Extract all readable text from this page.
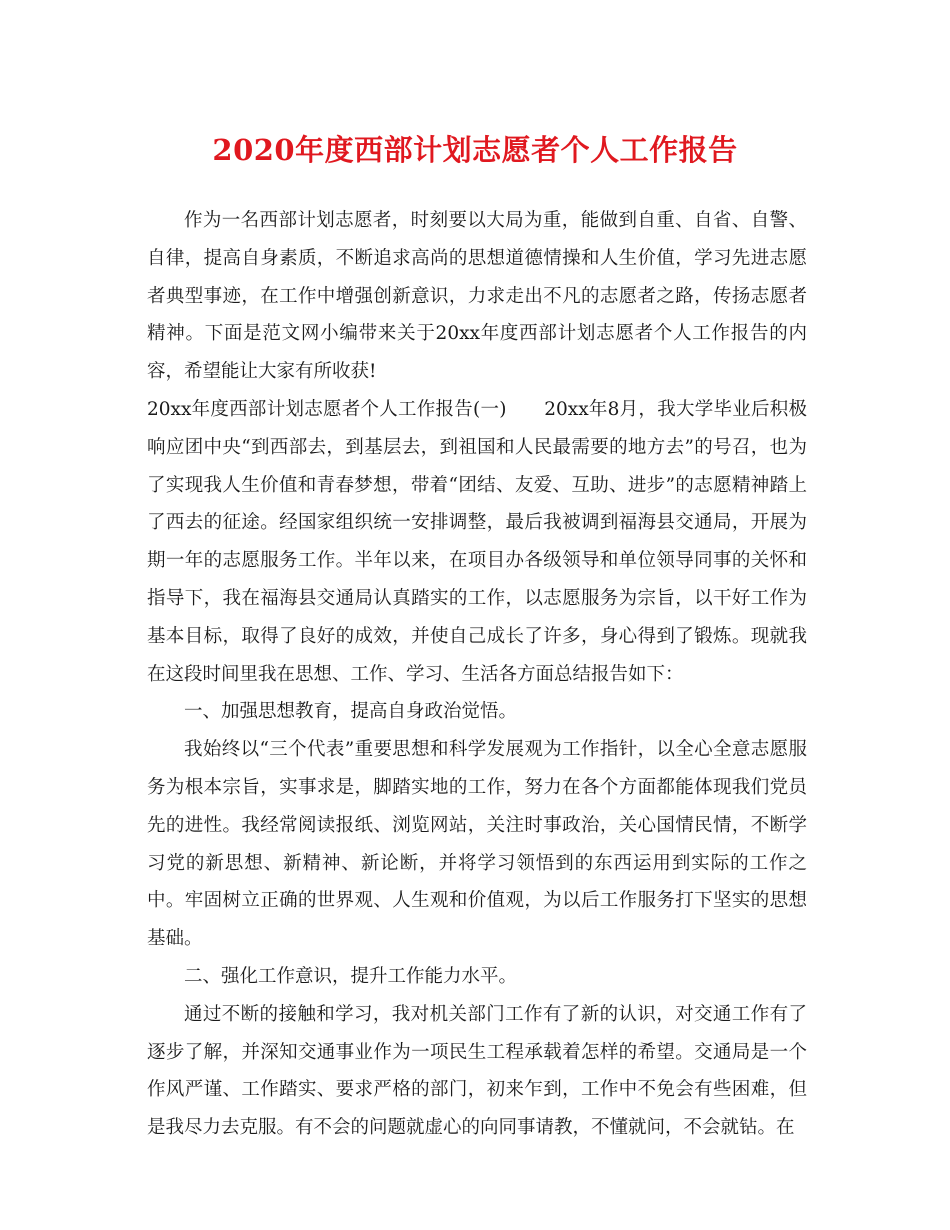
2020年度西部计划志愿者个人工作报告

作为一名西部计划志愿者，时刻要以大局为重，能做到自重、自省、自警、自律，提高自身素质，不断追求高尚的思想道德情操和人生价值，学习先进志愿者典型事迹，在工作中增强创新意识，力求走出不凡的志愿者之路，传扬志愿者精神。下面是范文网小编带来关于20xx年度西部计划志愿者个人工作报告的内容，希望能让大家有所收获!

20xx年度西部计划志愿者个人工作报告(一)　　20xx年8月，我大学毕业后积极响应团中央“到西部去，到基层去，到祖国和人民最需要的地方去”的号召，也为了实现我人生价值和青春梦想，带着“团结、友爱、互助、进步”的志愿精神踏上了西去的征途。经国家组织统一安排调整，最后我被调到福海县交通局，开展为期一年的志愿服务工作。半年以来，在项目办各级领导和单位领导同事的关怀和指导下，我在福海县交通局认真踏实的工作，以志愿服务为宗旨，以干好工作为基本目标，取得了良好的成效，并使自己成长了许多，身心得到了锻炼。现就我在这段时间里我在思想、工作、学习、生活各方面总结报告如下：

一、加强思想教育，提高自身政治觉悟。

我始终以“三个代表”重要思想和科学发展观为工作指针，以全心全意志愿服务为根本宗旨，实事求是，脚踏实地的工作，努力在各个方面都能体现我们党员先的进性。我经常阅读报纸、浏览网站，关注时事政治，关心国情民情，不断学习党的新思想、新精神、新论断，并将学习领悟到的东西运用到实际的工作之中。牢固树立正确的世界观、人生观和价值观，为以后工作服务打下坚实的思想基础。

二、强化工作意识，提升工作能力水平。

通过不断的接触和学习，我对机关部门工作有了新的认识，对交通工作有了逐步了解，并深知交通事业作为一项民生工程承载着怎样的希望。交通局是一个作风严谨、工作踏实、要求严格的部门，初来乍到，工作中不免会有些困难，但是我尽力去克服。有不会的问题就虚心的向同事请教，不懂就问，不会就钻。在
